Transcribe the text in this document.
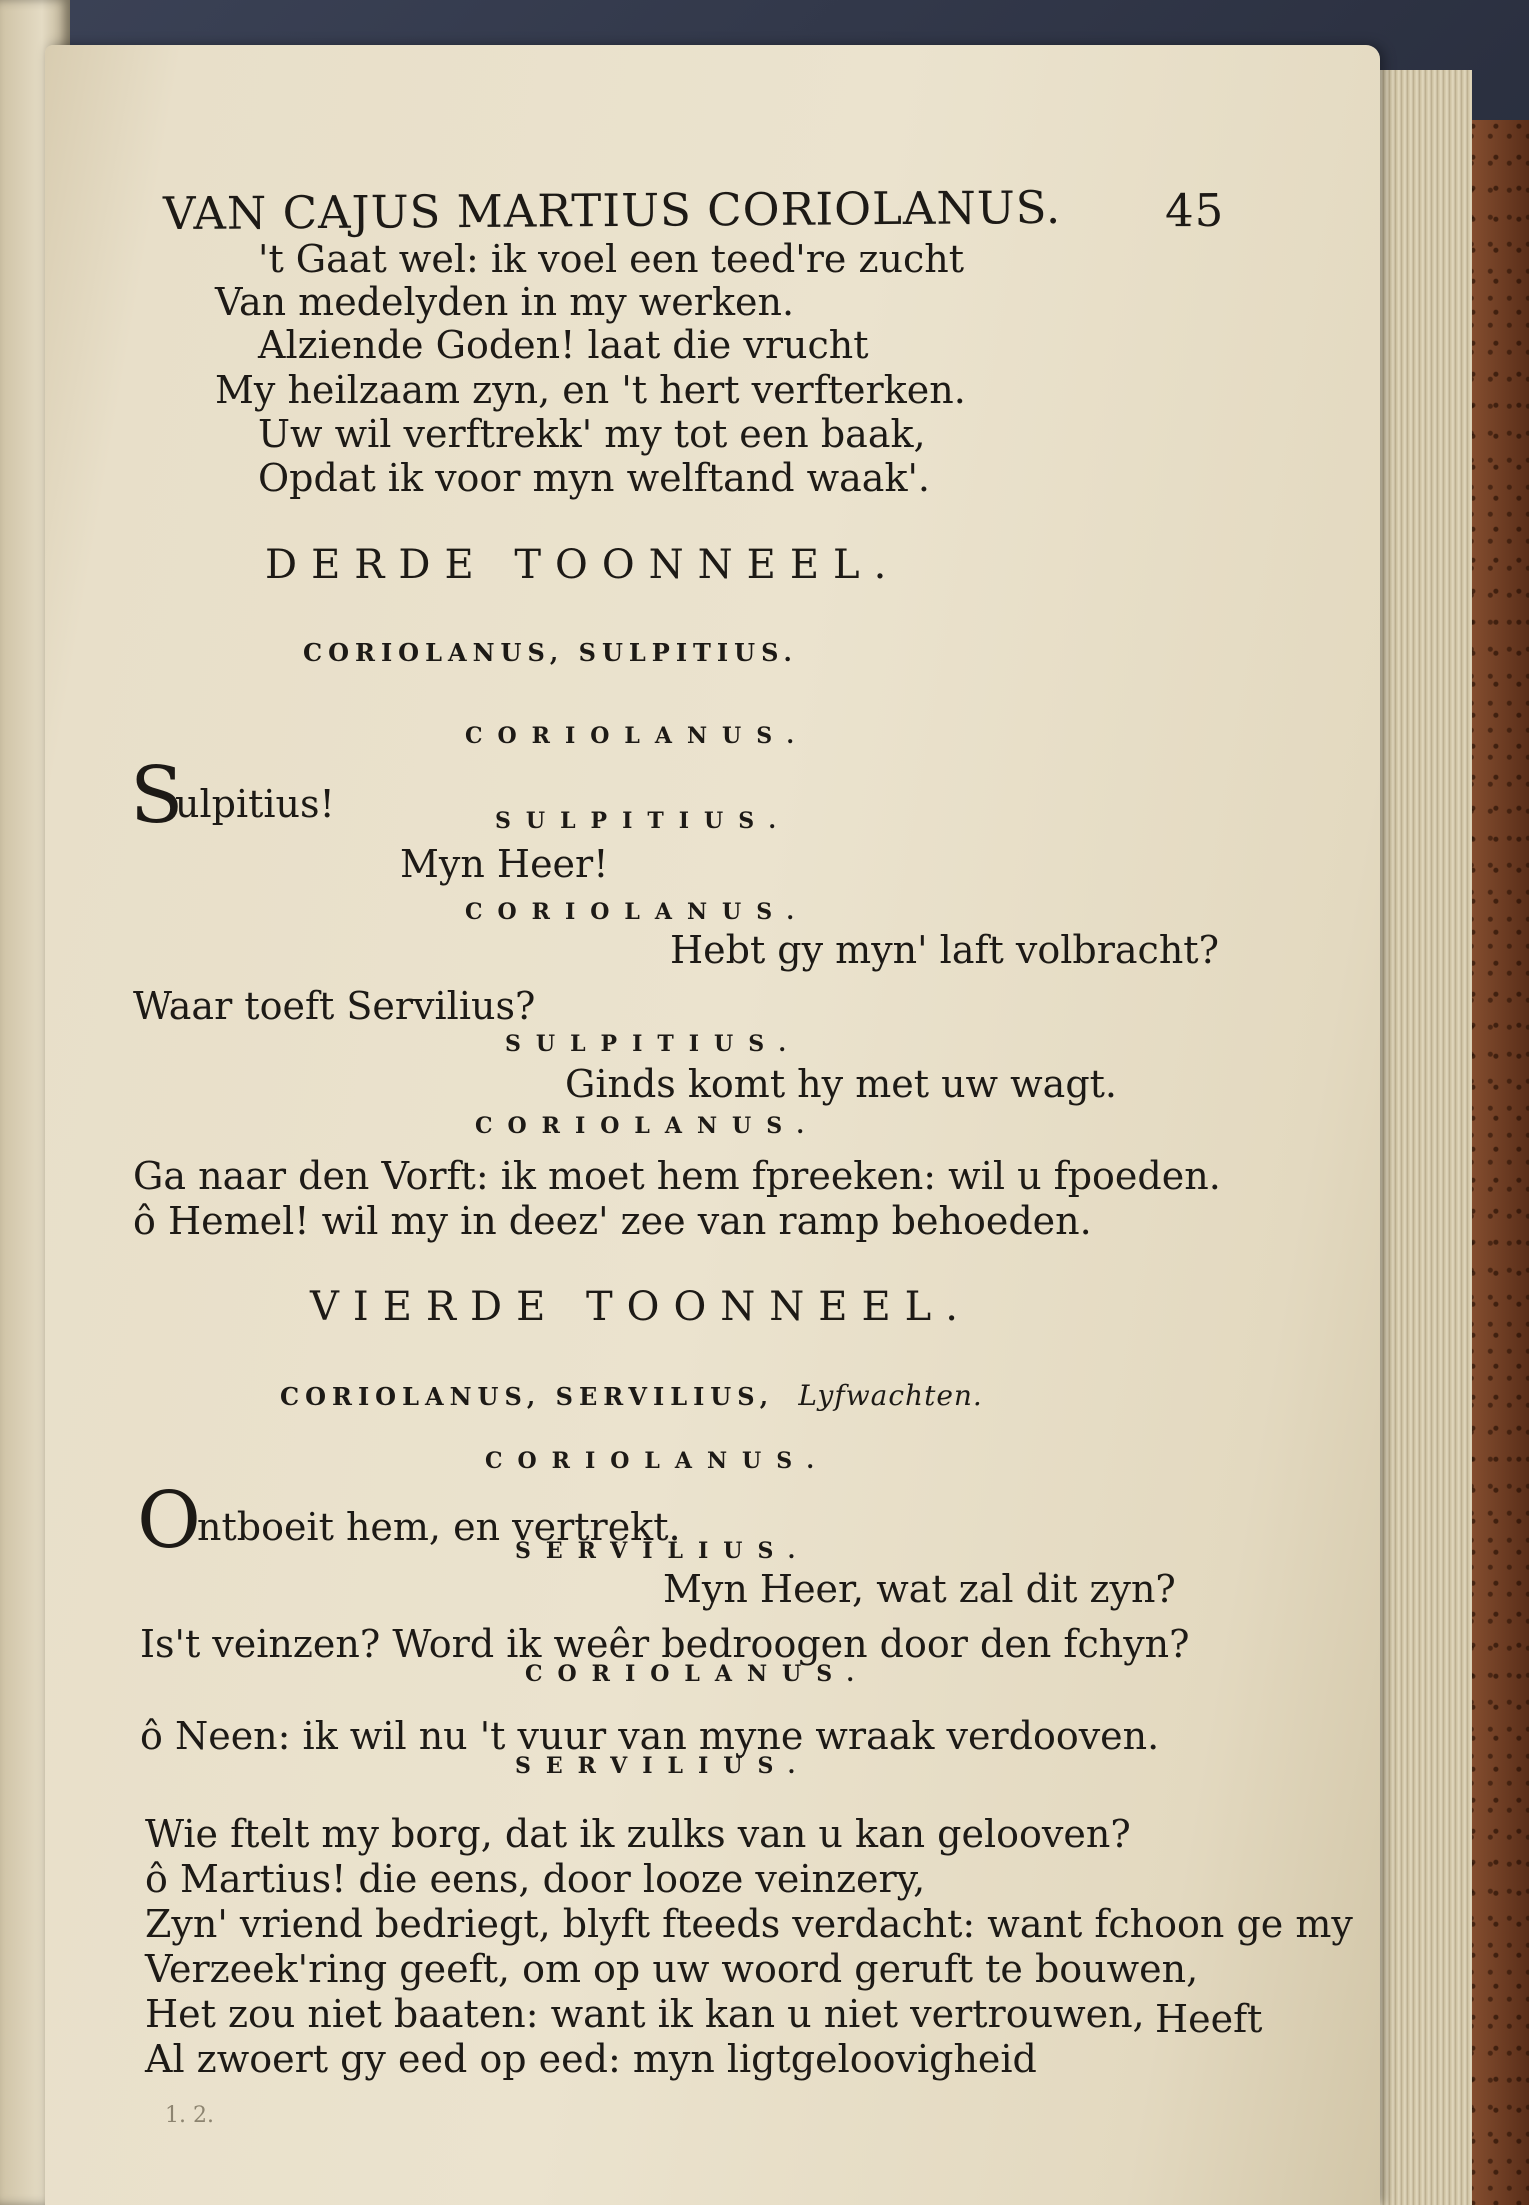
VAN CAJUS MARTIUS CORIOLANUS. 45
't Gaat wel: ik voel een teed're zucht
Van medelyden in my werken.
Alziende Goden! laat die vrucht
My heilzaam zyn, en 't hert verfterken.
Uw wil verftrekk' my tot een baak,
Opdat ik voor myn welftand waak'.
DERDE TOONNEEL.
CORIOLANUS, SULPITIUS.
CORIOLANUS.
S
ulpitius!	SULPITIUS.
Myn Heer!
CORIOLANUS.
Hebt gy myn' laft volbracht?
Waar toeft Servilius?
SULPITIUS.
Ginds komt hy met uw wagt.
CORIOLANUS.
Ga naar den Vorft: ik moet hem fpreeken: wil u fpoeden.
ô Hemel! wil my in deez' zee van ramp behoeden.
VIERDE TOONNEEL.
CORIOLANUS, SERVILIUS, Lyfwachten.
CORIOLANUS.
O
ntboeit hem, en vertrekt.
SERVILIUS.
Myn Heer, wat zal dit zyn?
Is't veinzen? Word ik weêr bedroogen door den fchyn?
CORIOLANUS.
ô Neen: ik wil nu 't vuur van myne wraak verdooven.
SERVILIUS.
Wie ftelt my borg, dat ik zulks van u kan gelooven?
ô Martius! die eens, door looze veinzery,
Zyn' vriend bedriegt, blyft fteeds verdacht: want fchoon ge my
Verzeek'ring geeft, om op uw woord geruft te bouwen,
Het zou niet baaten: want ik kan u niet vertrouwen,
Al zwoert gy eed op eed: myn ligtgeloovigheid
Heeft
1. 2.
